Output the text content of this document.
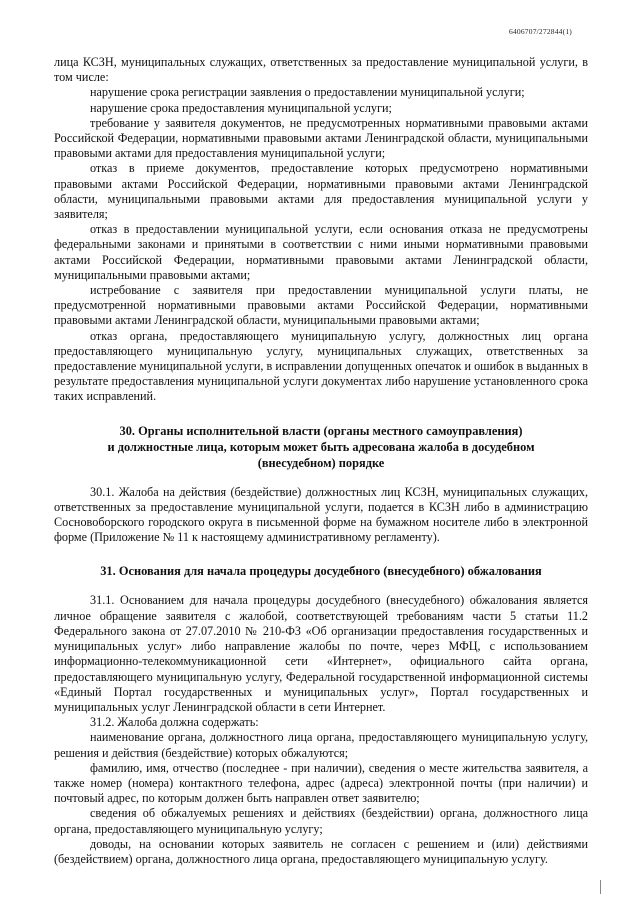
6406707/272844(1)

лица КСЗН, муниципальных служащих, ответственных за предоставление муниципальной услуги, в том числе:

нарушение срока регистрации заявления о предоставлении муниципальной услуги;

нарушение срока предоставления муниципальной услуги;

требование у заявителя документов, не предусмотренных нормативными правовыми актами Российской Федерации, нормативными правовыми актами Ленинградской области, муниципальными правовыми актами для предоставления муниципальной услуги;

отказ в приеме документов, предоставление которых предусмотрено нормативными правовыми актами Российской Федерации, нормативными правовыми актами Ленинградской области, муниципальными правовыми актами для предоставления муниципальной услуги у заявителя;

отказ в предоставлении муниципальной услуги, если основания отказа не предусмотрены федеральными законами и принятыми в соответствии с ними иными нормативными правовыми актами Российской Федерации, нормативными правовыми актами Ленинградской области, муниципальными правовыми актами;

истребование с заявителя при предоставлении муниципальной услуги платы, не предусмотренной нормативными правовыми актами Российской Федерации, нормативными правовыми актами Ленинградской области, муниципальными правовыми актами;

отказ органа, предоставляющего муниципальную услугу, должностных лиц органа предоставляющего муниципальную услугу, муниципальных служащих, ответственных за предоставление муниципальной услуги, в исправлении допущенных опечаток и ошибок в выданных в результате предоставления муниципальной услуги документах либо нарушение установленного срока таких исправлений.

30. Органы исполнительной власти (органы местного самоуправления)
и должностные лица, которым может быть адресована жалоба в досудебном
(внесудебном) порядке

30.1. Жалоба на действия (бездействие) должностных лиц КСЗН, муниципальных служащих, ответственных за предоставление муниципальной услуги, подается в КСЗН либо в администрацию Сосновоборского городского округа в письменной форме на бумажном носителе либо в электронной форме (Приложение № 11 к настоящему административному регламенту).

31. Основания для начала процедуры досудебного (внесудебного) обжалования

31.1. Основанием для начала процедуры досудебного (внесудебного) обжалования является личное обращение заявителя с жалобой, соответствующей требованиям части 5 статьи 11.2 Федерального закона от 27.07.2010 № 210-ФЗ «Об организации предоставления государственных и муниципальных услуг» либо направление жалобы по почте, через МФЦ, с использованием информационно-телекоммуникационной сети «Интернет», официального сайта органа, предоставляющего муниципальную услугу, Федеральной государственной информационной системы «Единый Портал государственных и муниципальных услуг», Портал государственных и муниципальных услуг Ленинградской области в сети Интернет.

31.2. Жалоба должна содержать:

наименование органа, должностного лица органа, предоставляющего муниципальную услугу, решения и действия (бездействие) которых обжалуются;

фамилию, имя, отчество (последнее - при наличии), сведения о месте жительства заявителя, а также номер (номера) контактного телефона, адрес (адреса) электронной почты (при наличии) и почтовый адрес, по которым должен быть направлен ответ заявителю;

сведения об обжалуемых решениях и действиях (бездействии) органа, должностного лица органа, предоставляющего муниципальную услугу;

доводы, на основании которых заявитель не согласен с решением и (или) действиями (бездействием) органа, должностного лица органа, предоставляющего муниципальную услугу.
